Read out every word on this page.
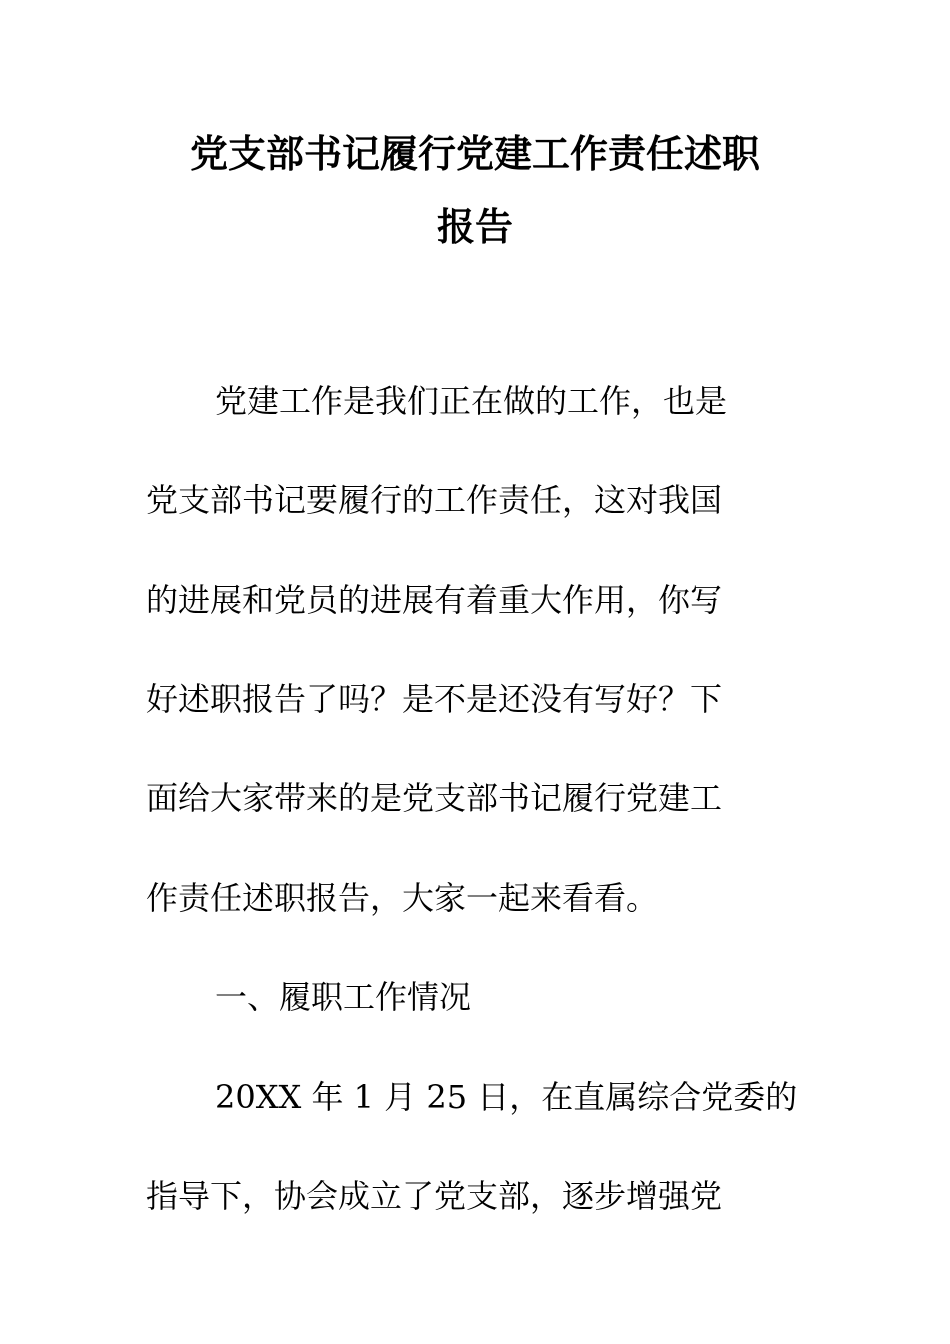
党支部书记履行党建工作责任述职
报告

党建工作是我们正在做的工作，也是

党支部书记要履行的工作责任，这对我国

的进展和党员的进展有着重大作用，你写

好述职报告了吗？是不是还没有写好？下

面给大家带来的是党支部书记履行党建工

作责任述职报告，大家一起来看看。

一、履职工作情况

20XX 年 1 月 25 日，在直属综合党委的

指导下，协会成立了党支部，逐步增强党
